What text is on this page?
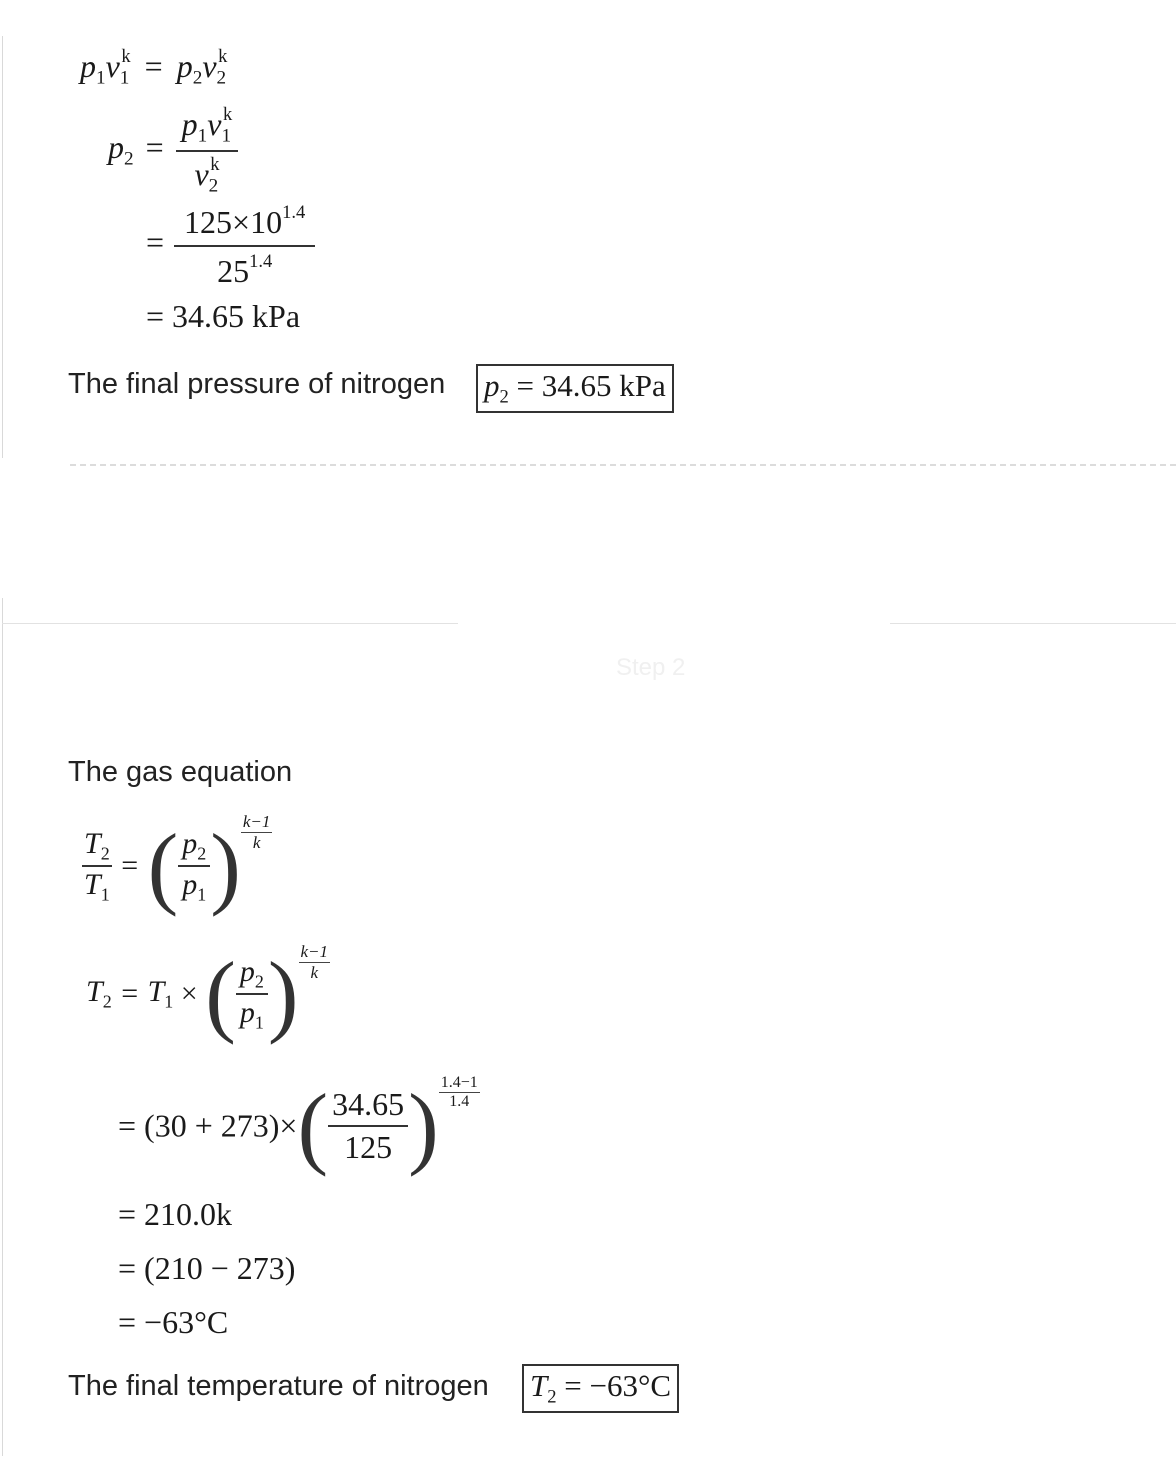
$p_1v_1^k = p_2v_2^k$
$p_2 = \frac{p_1v_1^k}{v_2^k}$
= $\frac{125\times 10^{1.4}}{25^{1.4}}$
= 34.65 kPa
The final pressure of nitrogen $p_2 = 34.65$ kPa
Step 2
The gas equation
$\frac{T_2}{T_1}$ = ( $\frac{p_2}{p_1}$ ) $\frac{k-1}{k}$
$T_2 = T_1$ × ( $\frac{p_2}{p_1}$ ) $\frac{k-1}{k}$
= $(30 + 273)\times( \frac{34.65}{125}$ ) $\frac{1.4-1}{1.4}$
= 210.0k
= (210 − 273)
= −63°C
The final temperature of nitrogen $T_2 = -63^\circ C$
